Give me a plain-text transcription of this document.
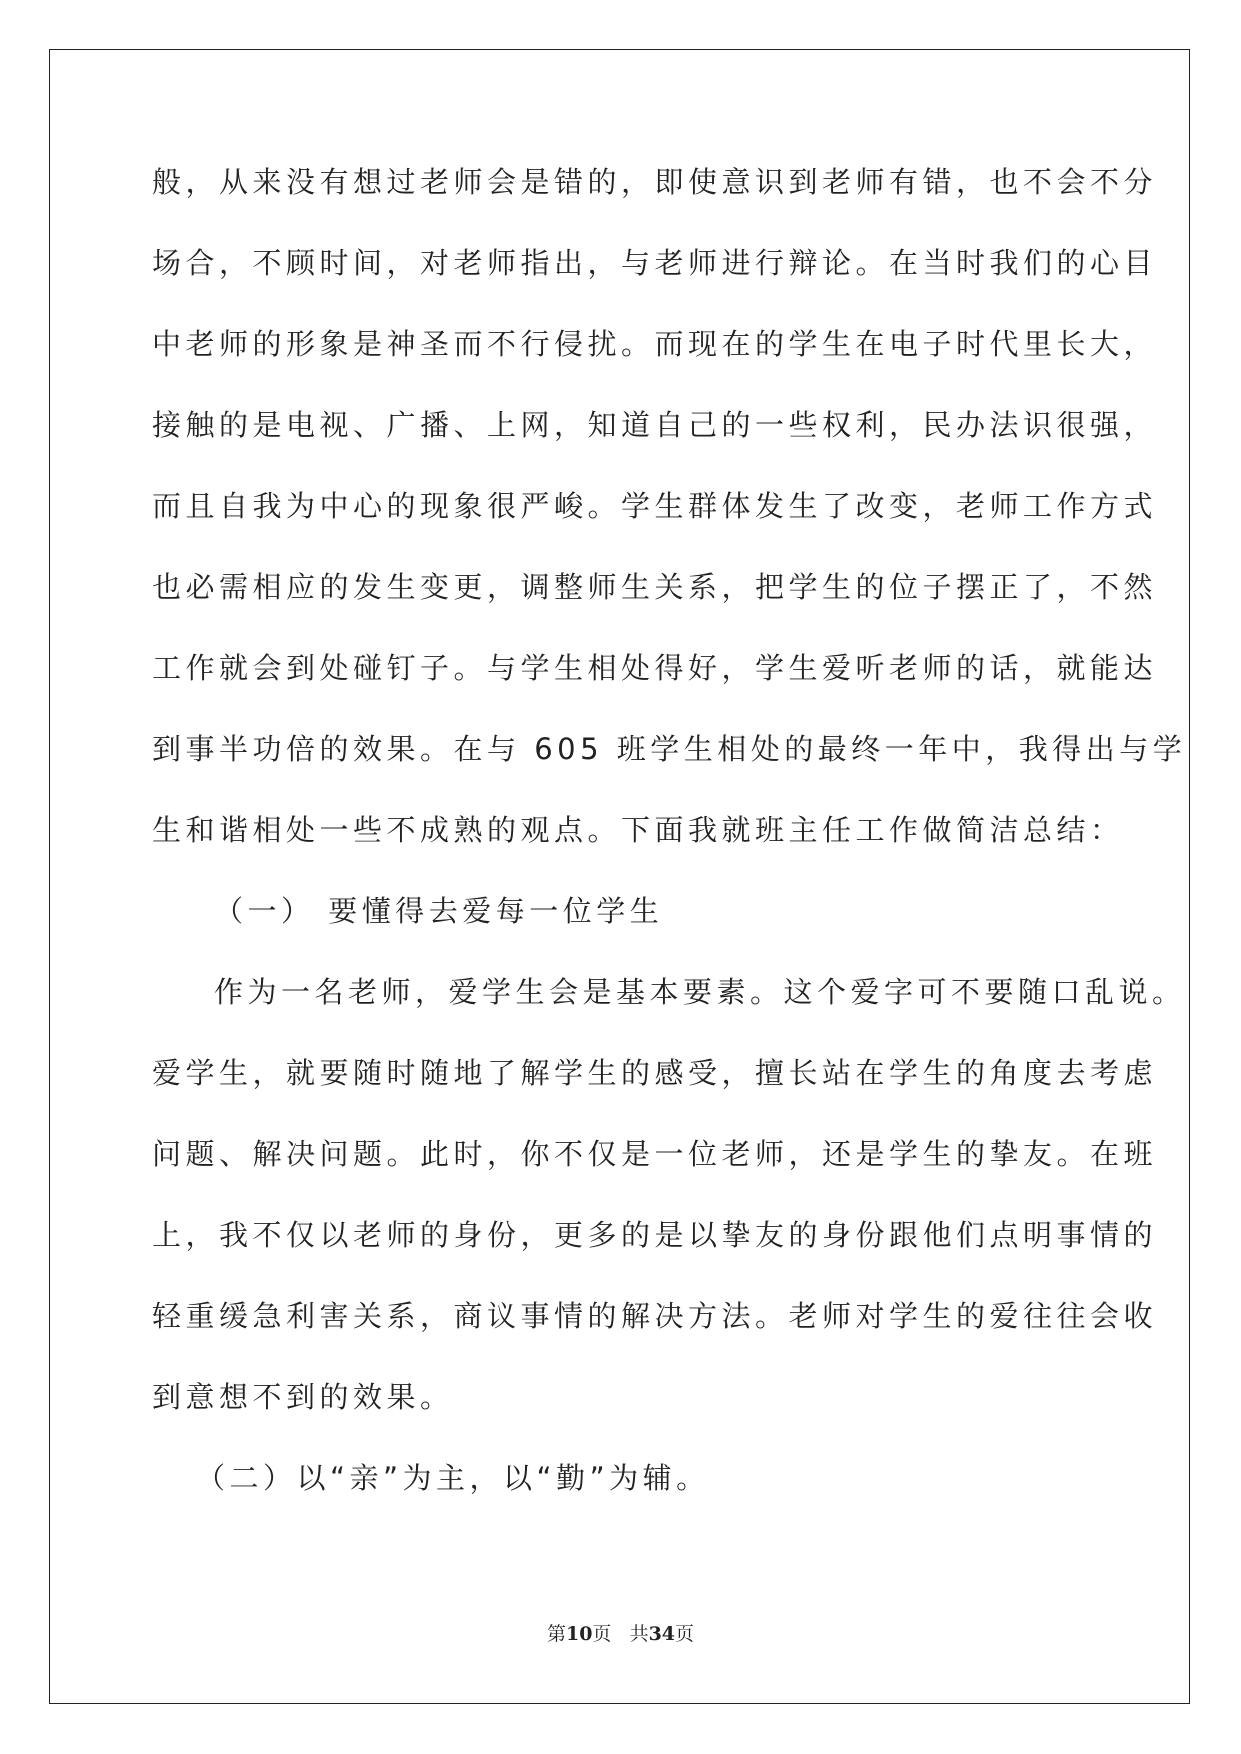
般，从来没有想过老师会是错的，即使意识到老师有错，也不会不分
场合，不顾时间，对老师指出，与老师进行辩论。在当时我们的心目
中老师的形象是神圣而不行侵扰。而现在的学生在电子时代里长大，
接触的是电视、广播、上网，知道自己的一些权利，民办法识很强，
而且自我为中心的现象很严峻。学生群体发生了改变，老师工作方式
也必需相应的发生变更，调整师生关系，把学生的位子摆正了，不然
工作就会到处碰钉子。与学生相处得好，学生爱听老师的话，就能达
到事半功倍的效果。在与 605 班学生相处的最终一年中，我得出与学
生和谐相处一些不成熟的观点。下面我就班主任工作做简洁总结：
（一） 要懂得去爱每一位学生
作为一名老师，爱学生会是基本要素。这个爱字可不要随口乱说。
爱学生，就要随时随地了解学生的感受，擅长站在学生的角度去考虑
问题、解决问题。此时，你不仅是一位老师，还是学生的挚友。在班
上，我不仅以老师的身份，更多的是以挚友的身份跟他们点明事情的
轻重缓急利害关系，商议事情的解决方法。老师对学生的爱往往会收
到意想不到的效果。
（二）以“亲”为主，以“勤”为辅。
第10页 共34页
